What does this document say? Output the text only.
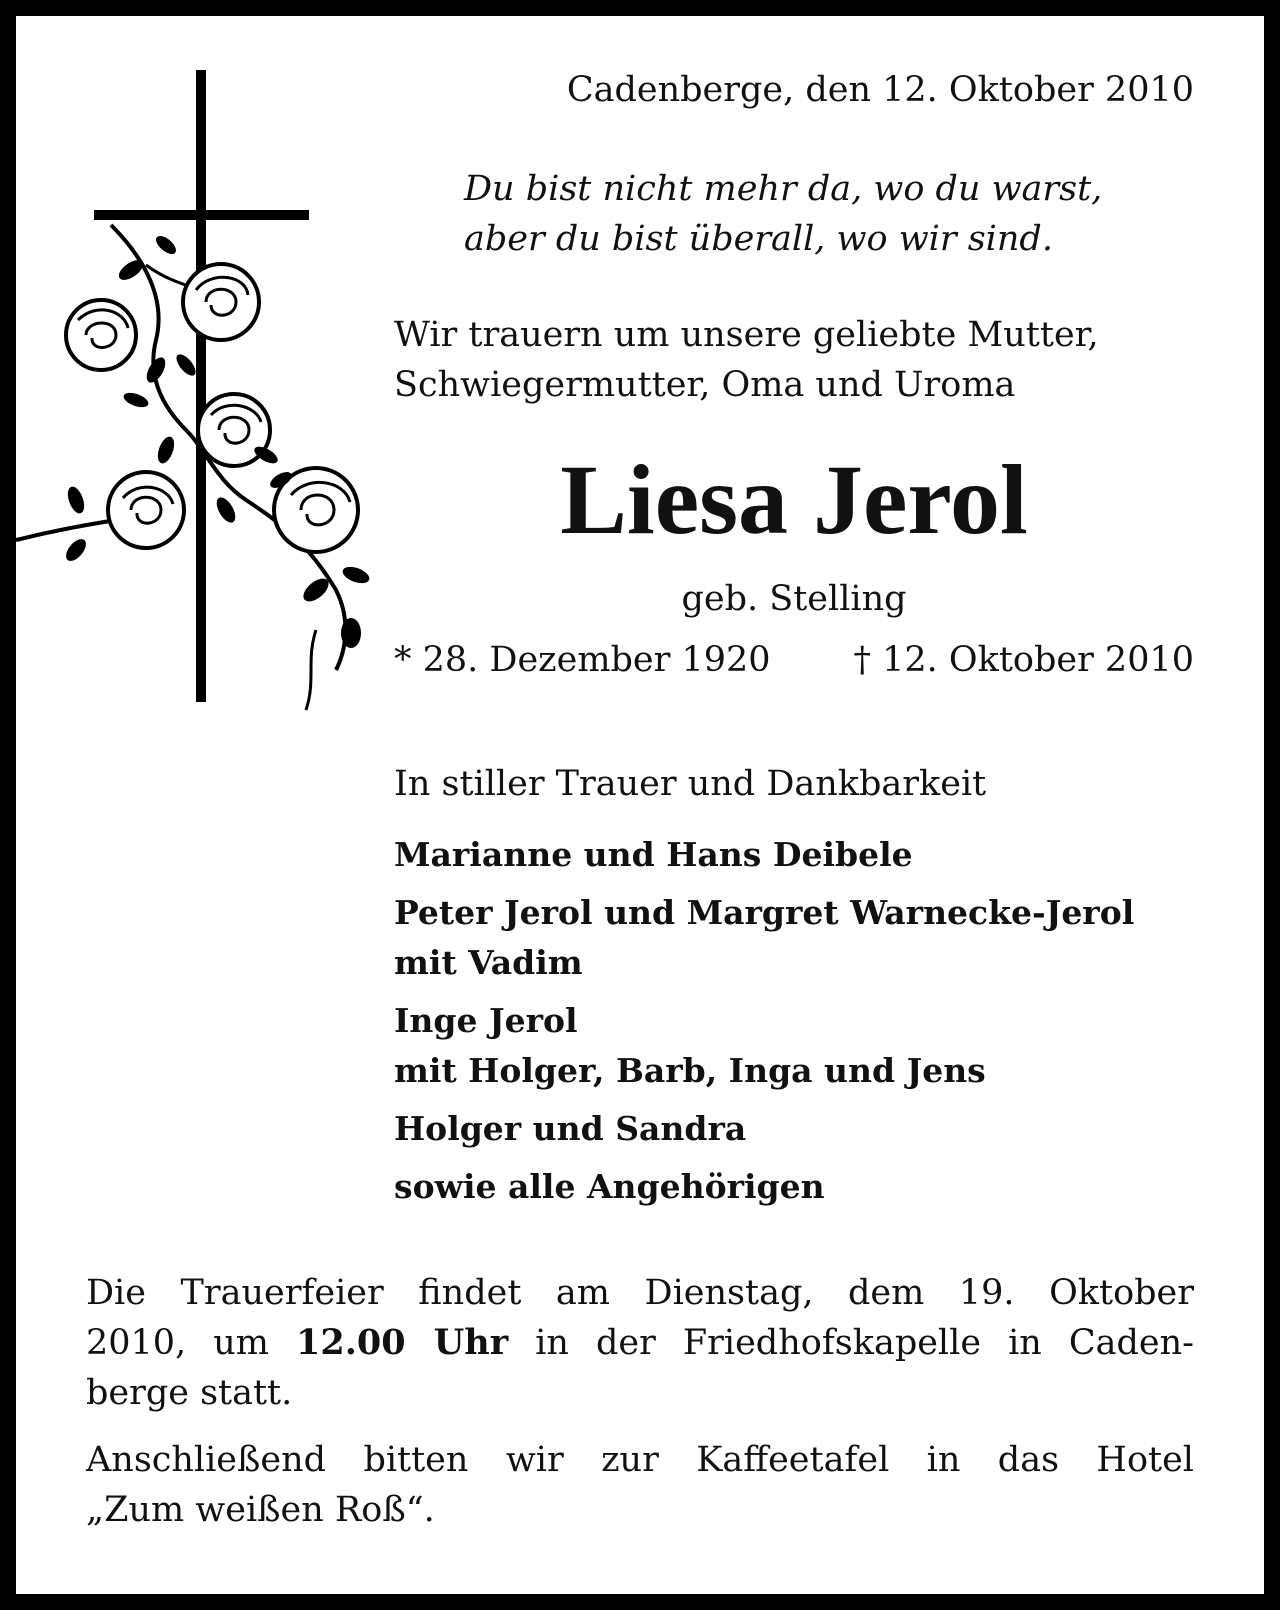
Cadenberge, den 12. Oktober 2010
Du bist nicht mehr da, wo du warst,
aber du bist überall, wo wir sind.
Wir trauern um unsere geliebte Mutter,
Schwiegermutter, Oma und Uroma
Liesa Jerol
geb. Stelling
* 28. Dezember 1920 † 12. Oktober 2010
In stiller Trauer und Dankbarkeit
Marianne und Hans Deibele
Peter Jerol und Margret Warnecke-Jerol
mit Vadim
Inge Jerol
mit Holger, Barb, Inga und Jens
Holger und Sandra
sowie alle Angehörigen
Die Trauerfeier findet am Dienstag, dem 19. Oktober
2010, um 12.00 Uhr in der Friedhofskapelle in Caden-
berge statt.
Anschließend bitten wir zur Kaffeetafel in das Hotel
„Zum weißen Roß“.
